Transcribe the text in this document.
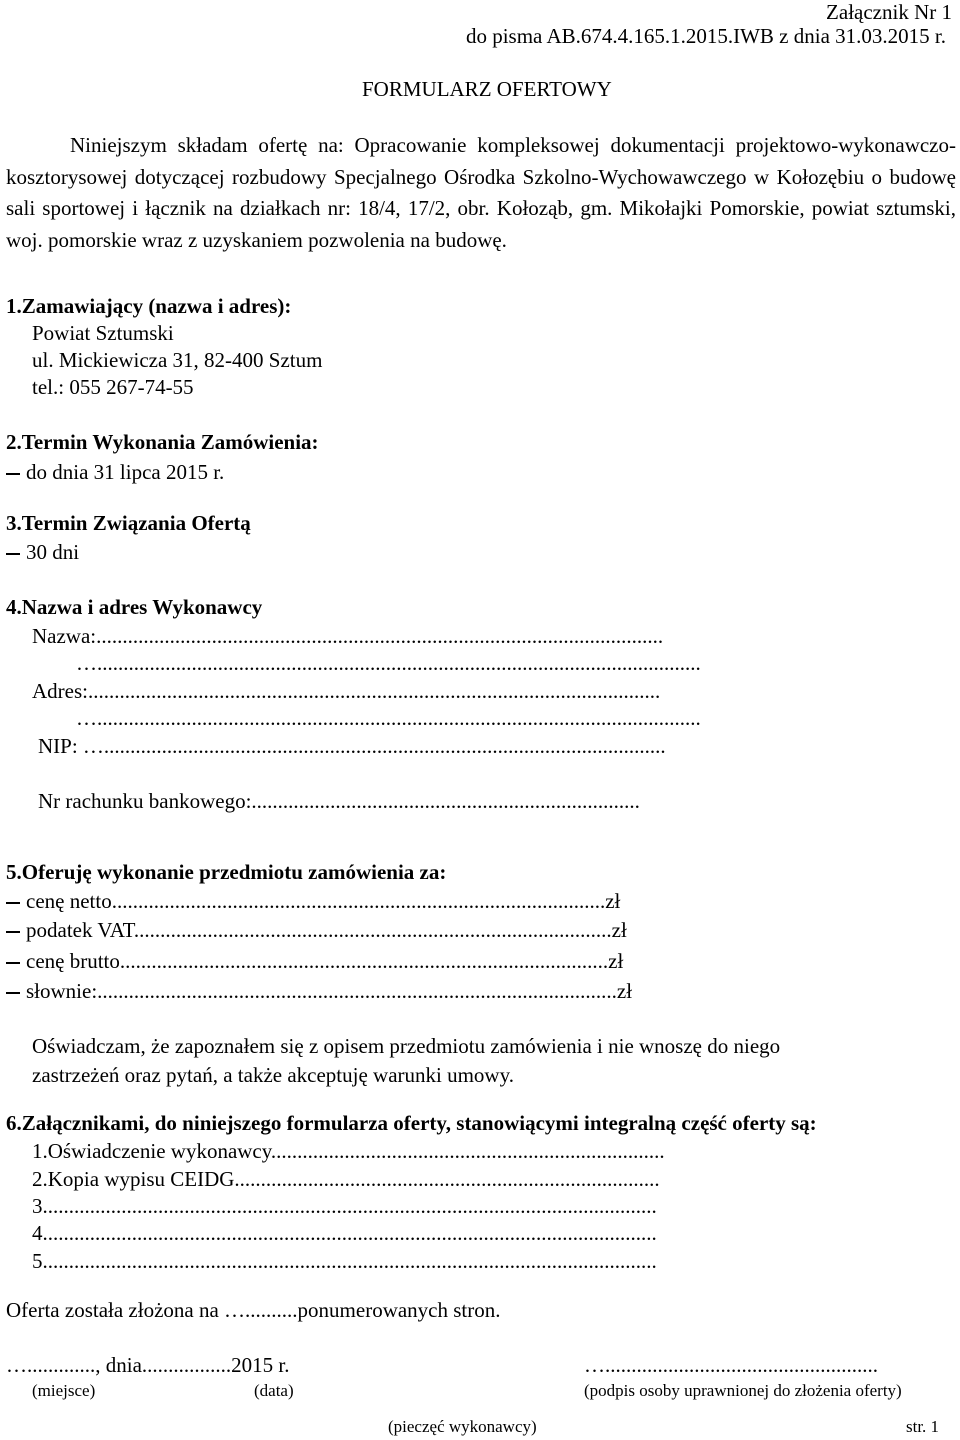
Załącznik Nr 1
do pisma AB.674.4.165.1.2015.IWB z dnia 31.03.2015 r.
FORMULARZ OFERTOWY
Niniejszym składam ofertę na: Opracowanie kompleksowej dokumentacji projektowo-wykonawczo-kosztorysowej dotyczącej rozbudowy Specjalnego Ośrodka Szkolno-Wychowawczego w Kołozębiu o budowę sali sportowej i łącznik na działkach nr: 18/4, 17/2, obr. Kołoząb, gm. Mikołajki Pomorskie, powiat sztumski, woj. pomorskie wraz z uzyskaniem pozwolenia na budowę.
1.Zamawiający (nazwa i adres):
Powiat Sztumski
ul. Mickiewicza 31, 82-400 Sztum
tel.: 055 267-74-55
2.Termin Wykonania Zamówienia:
do dnia 31 lipca 2015 r.
3.Termin Związania Ofertą
30 dni
4.Nazwa i adres Wykonawcy
Nazwa:............................................................................................................
…...................................................................................................................
Adres:.............................................................................................................
…...................................................................................................................
NIP: …...........................................................................................................
Nr rachunku bankowego:..........................................................................
5.Oferuję wykonanie przedmiotu zamówienia za:
cenę netto..............................................................................................zł
podatek VAT...........................................................................................zł
cenę brutto.............................................................................................zł
słownie:...................................................................................................zł
Oświadczam, że zapoznałem się z opisem przedmiotu zamówienia i nie wnoszę do niego
zastrzeżeń oraz pytań, a także akceptuję warunki umowy.
6.Załącznikami, do niniejszego formularza oferty, stanowiącymi integralną część oferty są:
1.Oświadczenie wykonawcy...........................................................................
2.Kopia wypisu CEIDG.................................................................................
3.....................................................................................................................
4.....................................................................................................................
5.....................................................................................................................
Oferta została złożona na …..........ponumerowanych stron.
…............., dnia.................2015 r.	…....................................................
(miejsce)	(data)	(podpis osoby uprawnionej do złożenia oferty)
(pieczęć wykonawcy)	str. 1
